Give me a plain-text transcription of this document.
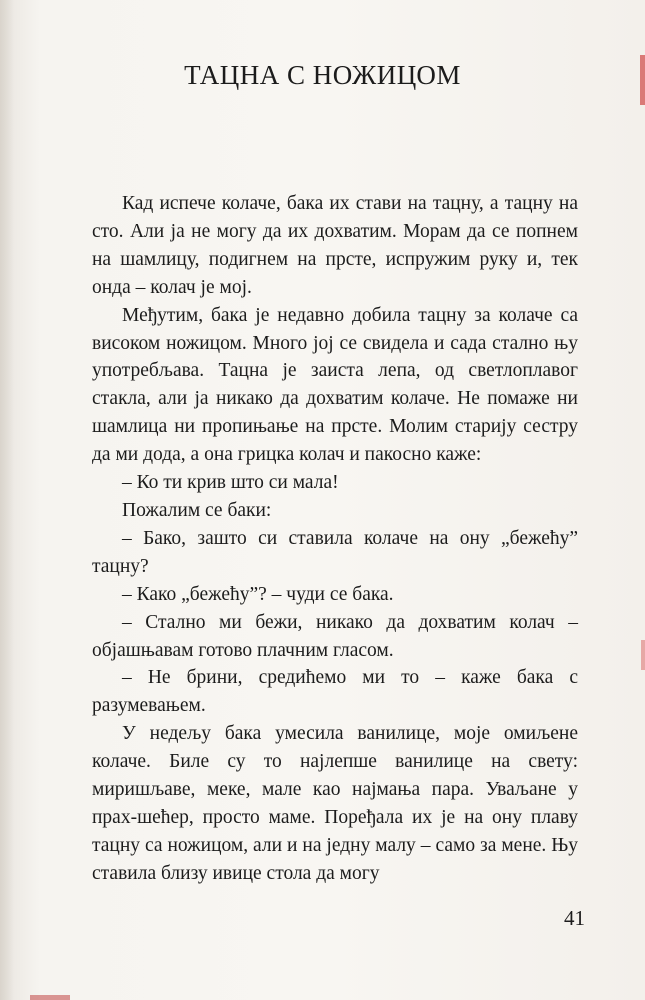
ТАЦНА С НОЖИЦОМ

Кад испече колаче, бака их стави на тацну, а тацну на сто. Али ја не могу да их дохватим. Морам да се попнем на шамлицу, подигнем на прсте, испружим руку и, тек онда – колач је мој.

Међутим, бака је недавно добила тацну за колаче са високом ножицом. Много јој се свидела и сада стално њу употребљава. Тацна је заиста лепа, од светлоплавог стакла, али ја никако да дохватим колаче. Не помаже ни шамлица ни пропињање на прсте. Молим старију сестру да ми дода, а она грицка колач и пакосно каже:

– Ко ти крив што си мала!

Пожалим се баки:

– Бако, зашто си ставила колаче на ону „бежећу” тацну?

– Како „бежећу”? – чуди се бака.

– Стално ми бежи, никако да дохватим колач – објашњавам готово плачним гласом.

– Не брини, средићемо ми то – каже бака с разумевањем.

У недељу бака умесила ванилице, моје омиљене колаче. Биле су то најлепше ванилице на свету: миришљаве, меке, мале као најмања пара. Уваљане у прах-шећер, просто маме. Поређала их је на ону плаву тацну са ножицом, али и на једну малу – само за мене. Њу ставила близу ивице стола да могу

41
